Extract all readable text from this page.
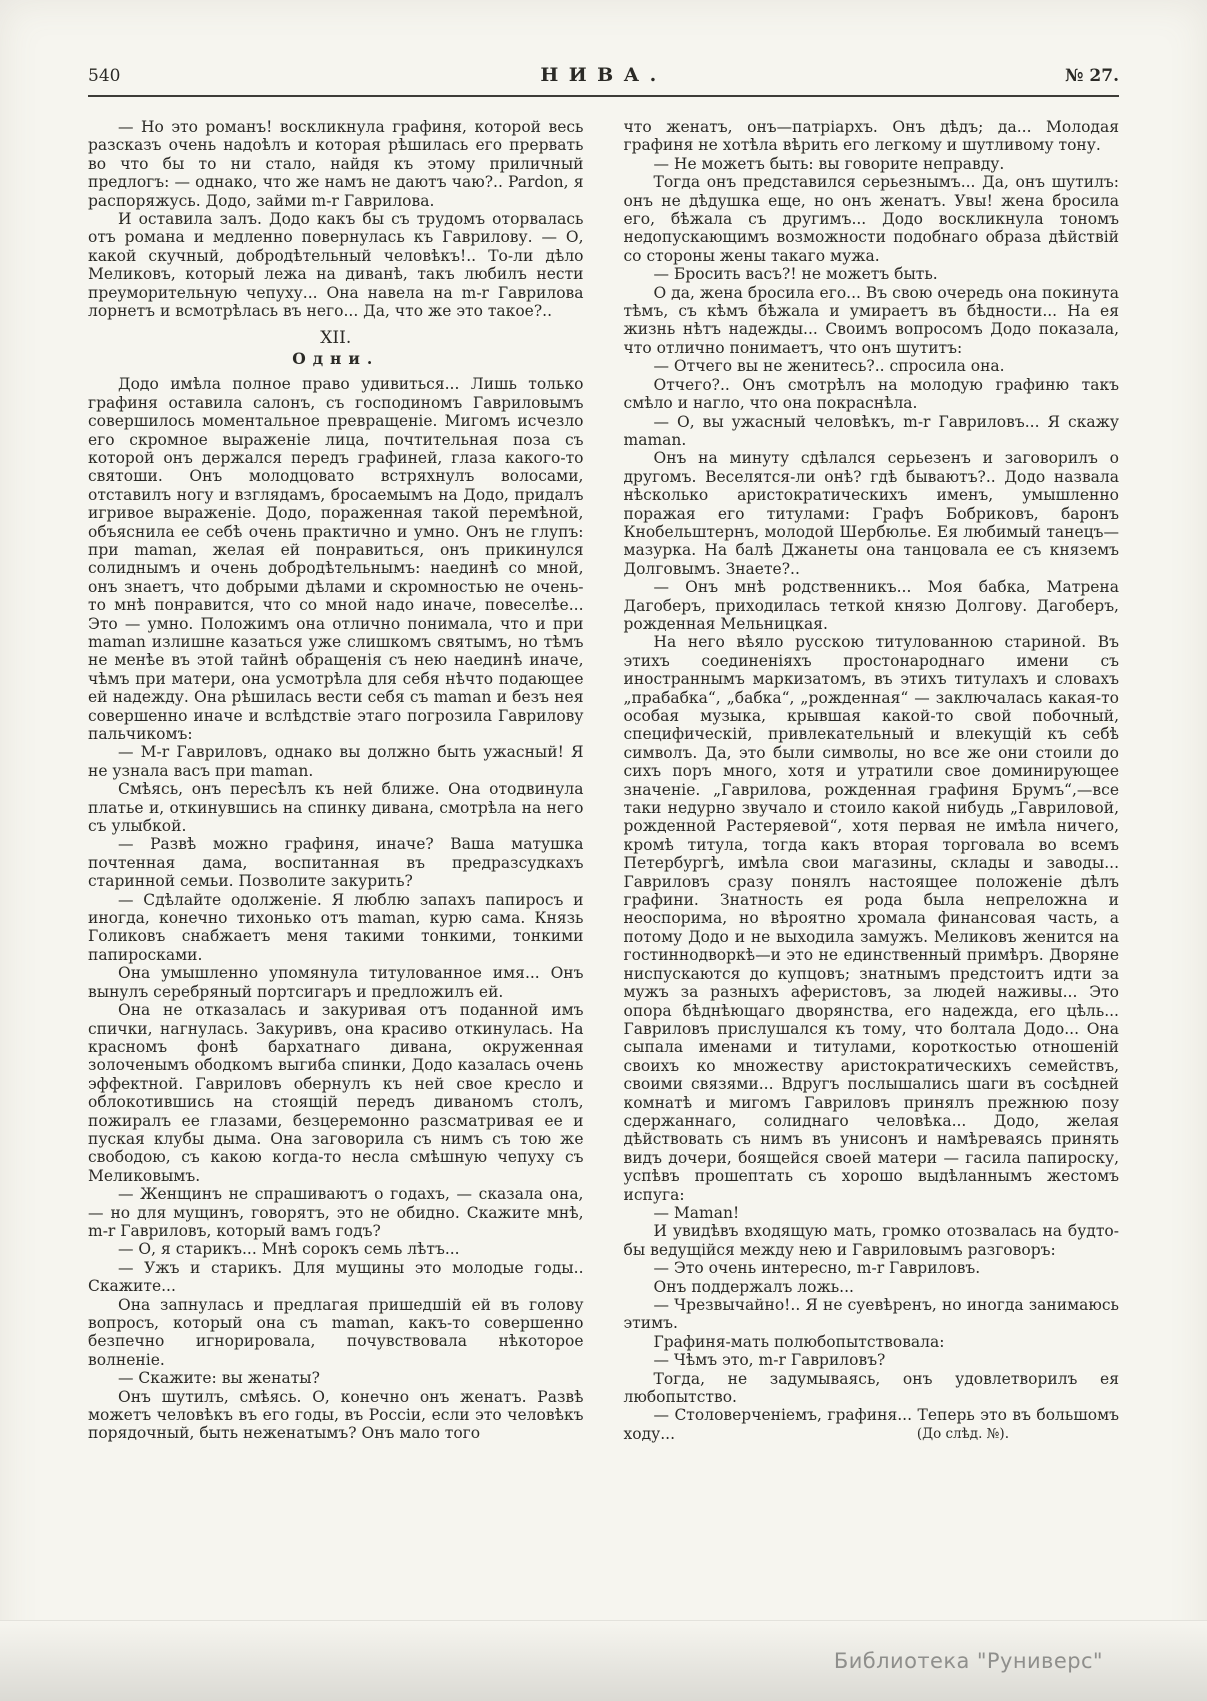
540	НИВА.	№ 27.

— Но это романъ! воскликнула графиня, которой весь разсказъ очень надоѣлъ и которая рѣшилась его прервать во что бы то ни стало, найдя къ этому приличный предлогъ: — однако, что же намъ не даютъ чаю?.. Pardon, я распоряжусь. Додо, займи m-r Гаврилова.

И оставила залъ. Додо какъ бы съ трудомъ оторвалась отъ романа и медленно повернулась къ Гаврилову. — О, какой скучный, добродѣтельный человѣкъ!.. То-ли дѣло Меликовъ, который лежа на диванѣ, такъ любилъ нести преуморительную чепуху... Она навела на m-r Гаврилова лорнетъ и всмотрѣлась въ него... Да, что же это такое?..

XII.
Одни.

Додо имѣла полное право удивиться... Лишь только графиня оставила салонъ, съ господиномъ Гавриловымъ совершилось моментальное превращеніе. Мигомъ исчезло его скромное выраженіе лица, почтительная поза съ которой онъ держался передъ графиней, глаза какого-то святоши. Онъ молодцовато встряхнулъ волосами, отставилъ ногу и взглядамъ, бросаемымъ на Додо, придалъ игривое выраженіе. Додо, пораженная такой перемѣной, объяснила ее себѣ очень практично и умно. Онъ не глупъ: при maman, желая ей понравиться, онъ прикинулся солиднымъ и очень добродѣтельнымъ: наединѣ со мной, онъ знаетъ, что добрыми дѣлами и скромностью не очень-то мнѣ понравится, что со мной надо иначе, повеселѣе... Это — умно. Положимъ она отлично понимала, что и при maman излишне казаться уже слишкомъ святымъ, но тѣмъ не менѣе въ этой тайнѣ обращенія съ нею наединѣ иначе, чѣмъ при матери, она усмотрѣла для себя нѣчто подающее ей надежду. Она рѣшилась вести себя съ maman и безъ нея совершенно иначе и вслѣдствіе этаго погрозила Гаврилову пальчикомъ:

— M-r Гавриловъ, однако вы должно быть ужасный! Я не узнала васъ при maman.

Смѣясь, онъ пересѣлъ къ ней ближе. Она отодвинула платье и, откинувшись на спинку дивана, смотрѣла на него съ улыбкой.

— Развѣ можно графиня, иначе? Ваша матушка почтенная дама, воспитанная въ предразсудкахъ старинной семьи. Позволите закурить?

— Сдѣлайте одолженіе. Я люблю запахъ папиросъ и иногда, конечно тихонько отъ maman, курю сама. Князь Голиковъ снабжаетъ меня такими тонкими, тонкими папиросками.

Она умышленно упомянула титулованное имя... Онъ вынулъ серебряный портсигаръ и предложилъ ей.

Она не отказалась и закуривая отъ поданной имъ спички, нагнулась. Закуривъ, она красиво откинулась. На красномъ фонѣ бархатнаго дивана, окруженная золоченымъ ободкомъ выгиба спинки, Додо казалась очень эффектной. Гавриловъ обернулъ къ ней свое кресло и облокотившись на стоящій передъ диваномъ столъ, пожиралъ ее глазами, безцеремонно разсматривая ее и пуская клубы дыма. Она заговорила съ нимъ съ тою же свободою, съ какою когда-то несла смѣшную чепуху съ Меликовымъ.

— Женщинъ не спрашиваютъ о годахъ, — сказала она, — но для мущинъ, говорятъ, это не обидно. Скажите мнѣ, m-r Гавриловъ, который вамъ годъ?

— О, я старикъ... Мнѣ сорокъ семь лѣтъ...

— Ужъ и старикъ. Для мущины это молодые годы.. Скажите...

Она запнулась и предлагая пришедшій ей въ голову вопросъ, который она съ maman, какъ-то совершенно безпечно игнорировала, почувствовала нѣкоторое волненіе.

— Скажите: вы женаты?

Онъ шутилъ, смѣясь. О, конечно онъ женатъ. Развѣ можетъ человѣкъ въ его годы, въ Россіи, если это человѣкъ порядочный, быть неженатымъ? Онъ мало того

что женатъ, онъ—патріархъ. Онъ дѣдъ; да... Молодая графиня не хотѣла вѣрить его легкому и шутливому тону.

— Не можетъ быть: вы говорите неправду.

Тогда онъ представился серьезнымъ... Да, онъ шутилъ: онъ не дѣдушка еще, но онъ женатъ. Увы! жена бросила его, бѣжала съ другимъ... Додо воскликнула тономъ недопускающимъ возможности подобнаго образа дѣйствій со стороны жены такаго мужа.

— Бросить васъ?! не можетъ быть.

О да, жена бросила его... Въ свою очередь она покинута тѣмъ, съ кѣмъ бѣжала и умираетъ въ бѣдности... На ея жизнь нѣтъ надежды... Своимъ вопросомъ Додо показала, что отлично понимаетъ, что онъ шутитъ:

— Отчего вы не женитесь?.. спросила она.

Отчего?.. Онъ смотрѣлъ на молодую графиню такъ смѣло и нагло, что она покраснѣла.

— О, вы ужасный человѣкъ, m-r Гавриловъ... Я скажу maman.

Онъ на минуту сдѣлался серьезенъ и заговорилъ о другомъ. Веселятся-ли онѣ? гдѣ бываютъ?.. Додо назвала нѣсколько аристократическихъ именъ, умышленно поражая его титулами: Графъ Бобриковъ, баронъ Кнобельштернъ, молодой Шербюлье. Ея любимый танецъ—мазурка. На балѣ Джанеты она танцовала ее съ княземъ Долговымъ. Знаете?..

— Онъ мнѣ родственникъ... Моя бабка, Матрена Дагоберъ, приходилась теткой князю Долгову. Дагоберъ, рожденная Мельницкая.

На него вѣяло русскою титулованною стариной. Въ этихъ соединеніяхъ простонароднаго имени съ иностраннымъ маркизатомъ, въ этихъ титулахъ и словахъ „прабабка“, „бабка“, „рожденная“ — заключалась какая-то особая музыка, крывшая какой-то свой побочный, специфическій, привлекательный и влекущій къ себѣ символъ. Да, это были символы, но все же они стоили до сихъ поръ много, хотя и утратили свое доминирующее значеніе. „Гаврилова, рожденная графиня Брумъ“,—все таки недурно звучало и стоило какой нибудь „Гавриловой, рожденной Растеряевой“, хотя первая не имѣла ничего, кромѣ титула, тогда какъ вторая торговала во всемъ Петербургѣ, имѣла свои магазины, склады и заводы... Гавриловъ сразу понялъ настоящее положеніе дѣлъ графини. Знатность ея рода была непреложна и неоспорима, но вѣроятно хромала финансовая часть, а потому Додо и не выходила замужъ. Меликовъ женится на гостиннодворкѣ—и это не единственный примѣръ. Дворяне ниспускаются до купцовъ; знатнымъ предстоитъ идти за мужъ за разныхъ аферистовъ, за людей наживы... Это опора бѣднѣющаго дворянства, его надежда, его цѣль... Гавриловъ прислушался къ тому, что болтала Додо... Она сыпала именами и титулами, короткостью отношеній своихъ ко множеству аристократическихъ семействъ, своими связями... Вдругъ послышались шаги въ сосѣдней комнатѣ и мигомъ Гавриловъ принялъ прежнюю позу сдержаннаго, солиднаго человѣка... Додо, желая дѣйствовать съ нимъ въ унисонъ и намѣреваясь принять видъ дочери, боящейся своей матери — гасила папироску, успѣвъ прошептать съ хорошо выдѣланнымъ жестомъ испуга:

— Maman!

И увидѣвъ входящую мать, громко отозвалась на будто-бы ведущійся между нею и Гавриловымъ разговоръ:

— Это очень интересно, m-r Гавриловъ.

Онъ поддержалъ ложь...

— Чрезвычайно!.. Я не суевѣренъ, но иногда занимаюсь этимъ.

Графиня-мать полюбопытствовала:

— Чѣмъ это, m-r Гавриловъ?

Тогда, не задумываясь, онъ удовлетворилъ ея любопытство.

— Столоверченіемъ, графиня... Теперь это въ большомъ ходу...	(До слѣд. №).

Библиотека "Руниверс"
